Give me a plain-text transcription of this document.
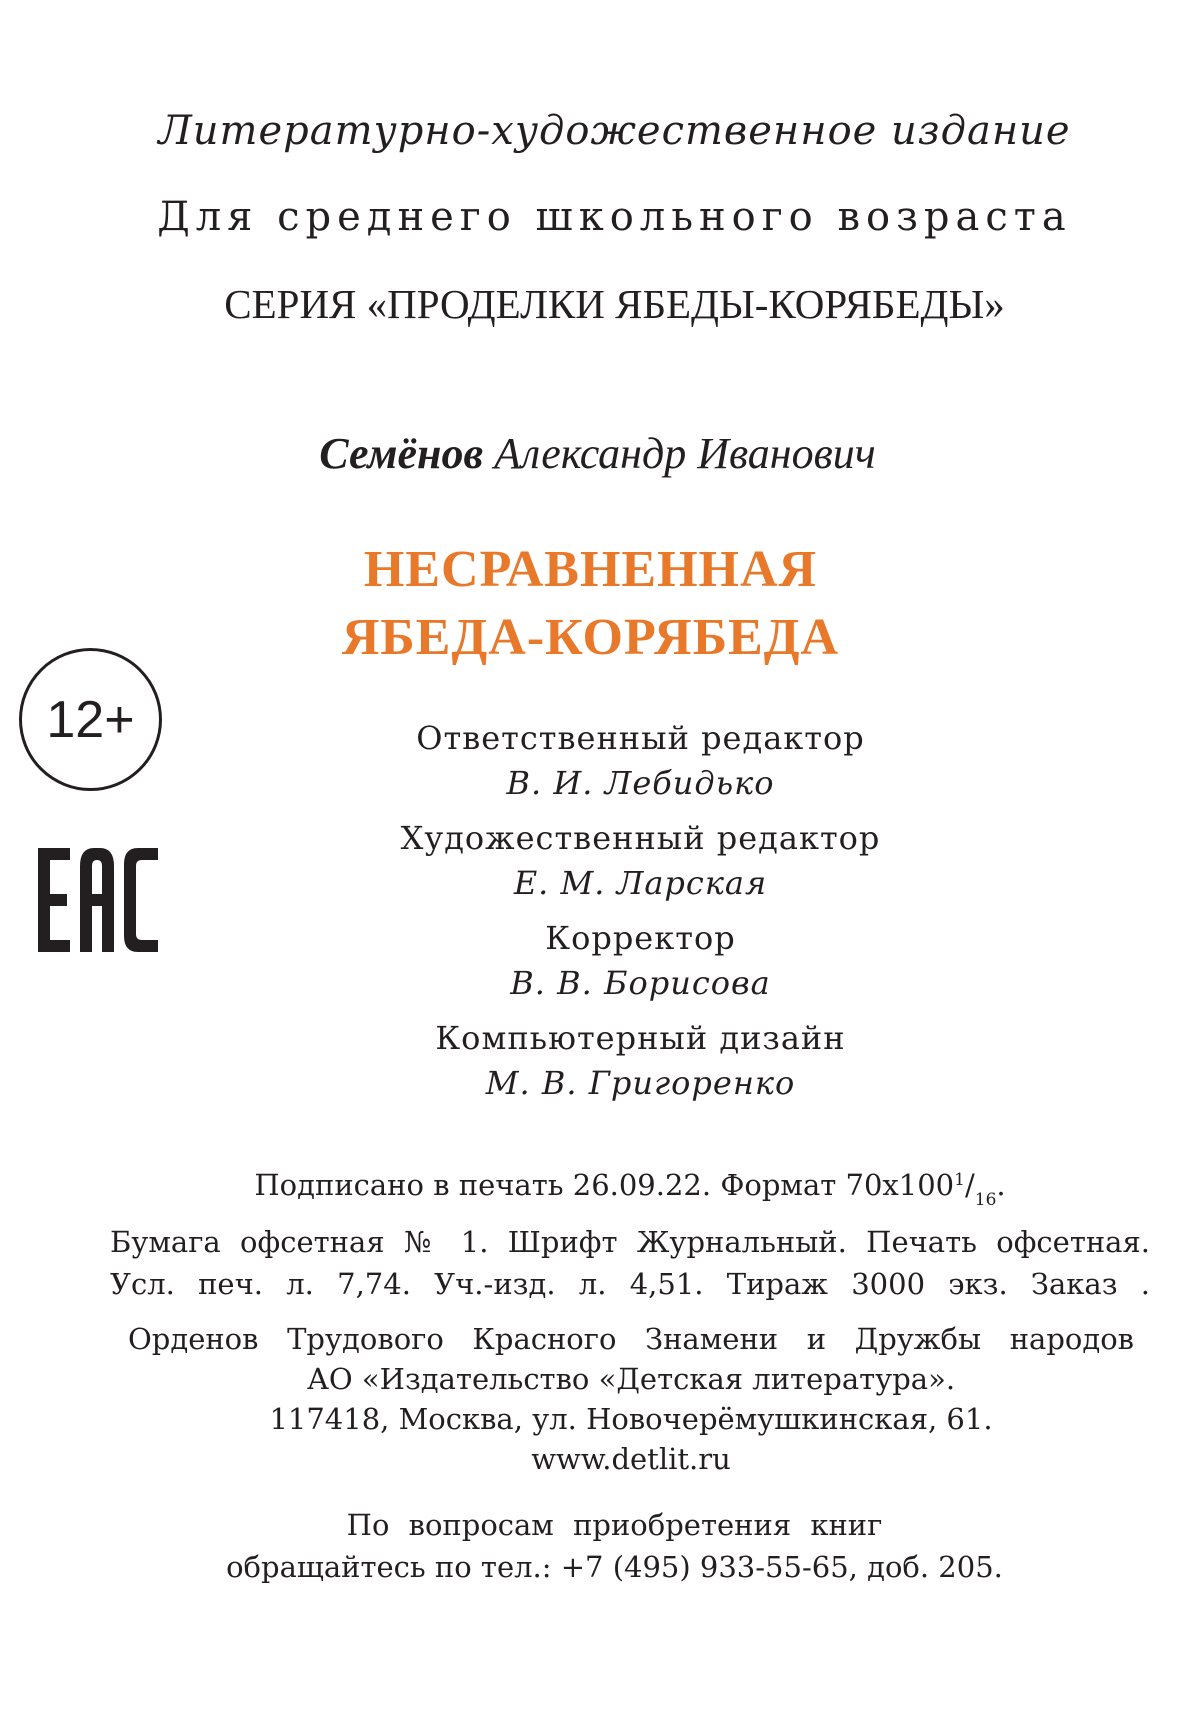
Литературно-художественное издание
Для среднего школьного возраста
СЕРИЯ «ПРОДЕЛКИ ЯБЕДЫ-КОРЯБЕДЫ»
Семёнов Александр Иванович
НЕСРАВНЕННАЯ
ЯБЕДА-КОРЯБЕДА
Ответственный редактор
В. И. Лебидько
Художественный редактор
Е. М. Ларская
Корректор
В. В. Борисова
Компьютерный дизайн
М. В. Григоренко
Подписано в печать 26.09.22. Формат $70х100^1/_{16}$.
Бумага офсетная № 1. Шрифт Журнальный. Печать офсетная.
Усл. печ. л. 7,74. Уч.-изд. л. 4,51. Тираж 3000 экз. Заказ .
Орденов Трудового Красного Знамени и Дружбы народов
АО «Издательство «Детская литература».
117418, Москва, ул. Новочерёмушкинская, 61.
www.detlit.ru
По вопросам приобретения книг
обращайтесь по тел.: +7 (495) 933-55-65, доб. 205.
12+
